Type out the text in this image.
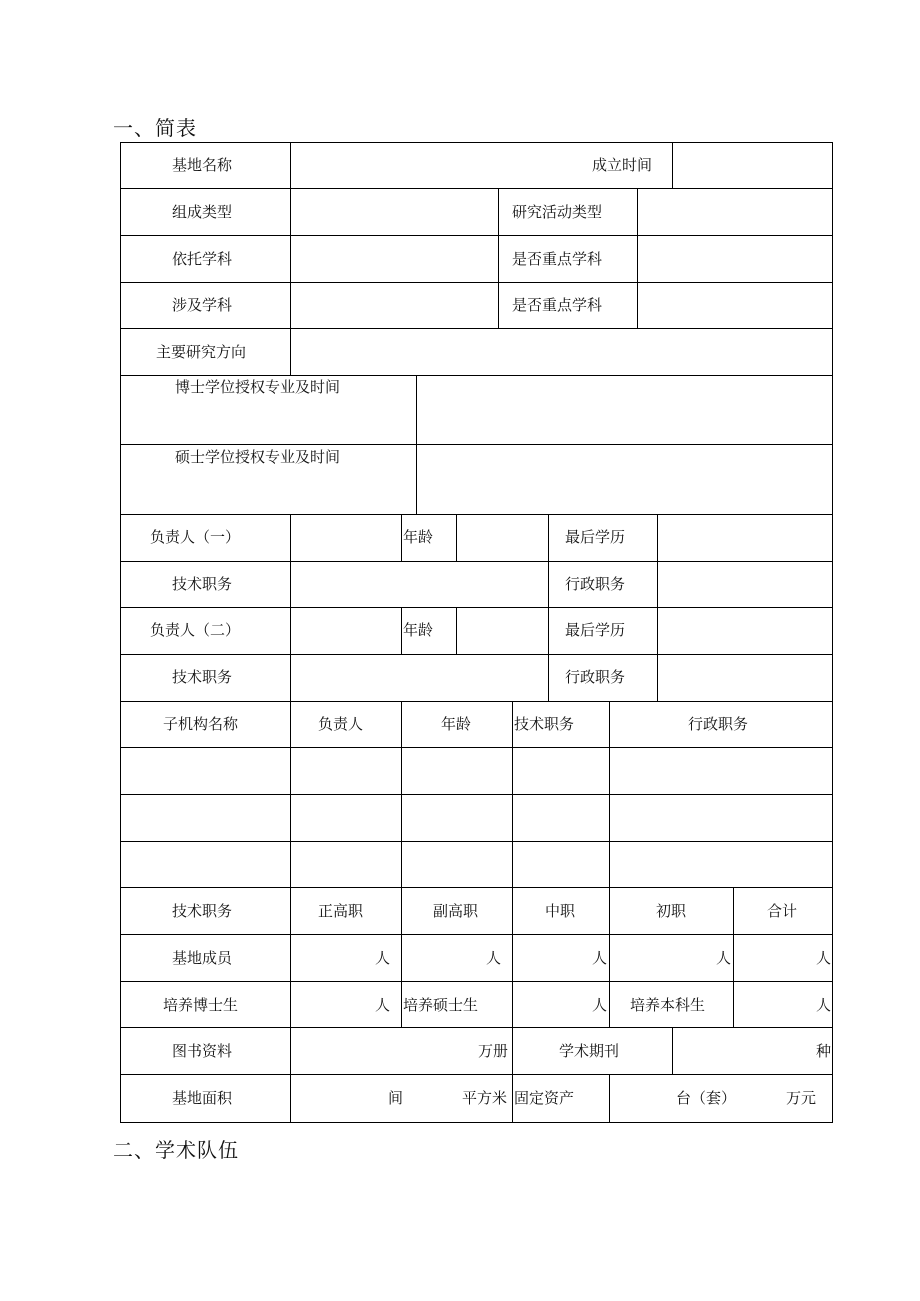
一、简表
基地名称	成立时间
组成类型	研究活动类型
依托学科	是否重点学科
涉及学科	是否重点学科
主要研究方向
博士学位授权专业及时间
硕士学位授权专业及时间
负责人（一）	年龄	最后学历
技术职务	行政职务
负责人（二）	年龄	最后学历
技术职务	行政职务
子机构名称	负责人	年龄	技术职务	行政职务
技术职务	正高职	副高职	中职	初职	合计
基地成员	人	人	人	人	人
培养博士生	人 培养硕士生	人 培养本科生	人
图书资料	万册	学术期刊	种
基地面积	间	平方米 固定资产	台（套）	万元
二、学术队伍
